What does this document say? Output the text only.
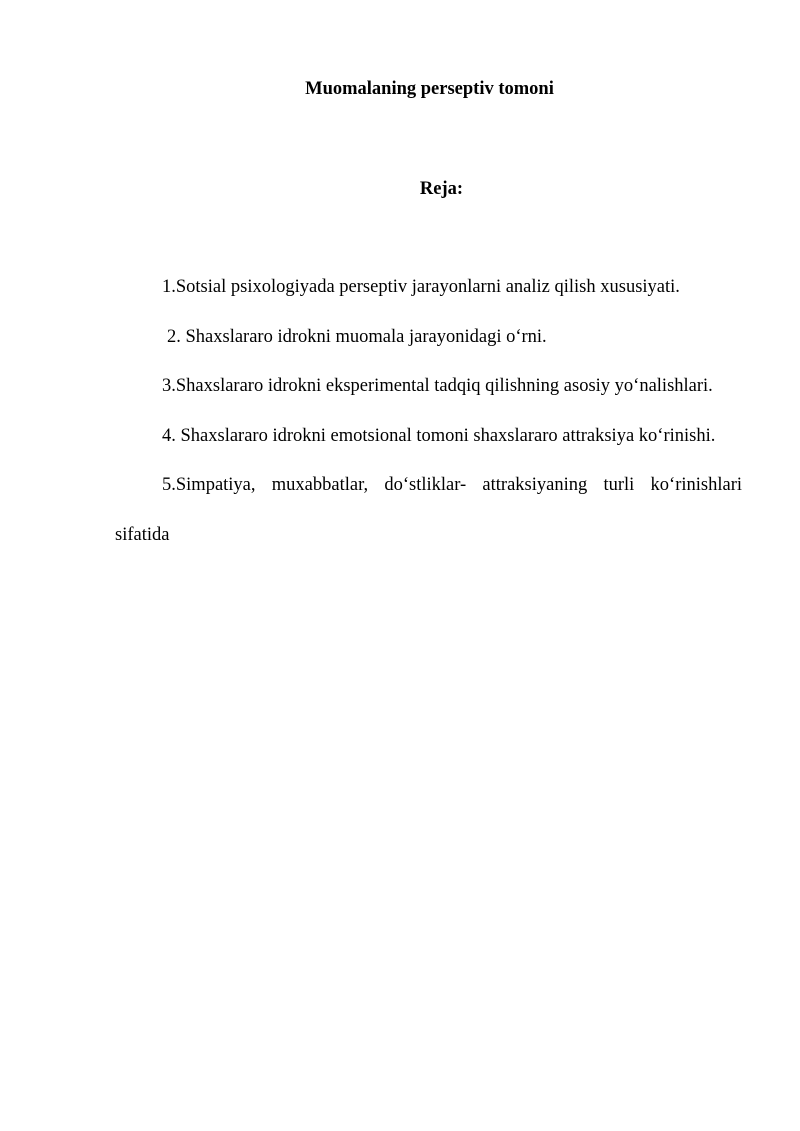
Muomalaning perseptiv tomoni
Reja:
1.Sotsial psixologiyada perseptiv jarayonlarni analiz qilish xususiyati.
2. Shaxslararo idrokni muomala jarayonidagi o‘rni.
3.Shaxslararo idrokni eksperimental tadqiq qilishning asosiy yo‘nalishlari.
4. Shaxslararo idrokni emotsional tomoni shaxslararo attraksiya ko‘rinishi.
5.Simpatiya, muxabbatlar, do‘stliklar- attraksiyaning turli ko‘rinishlari sifatida
